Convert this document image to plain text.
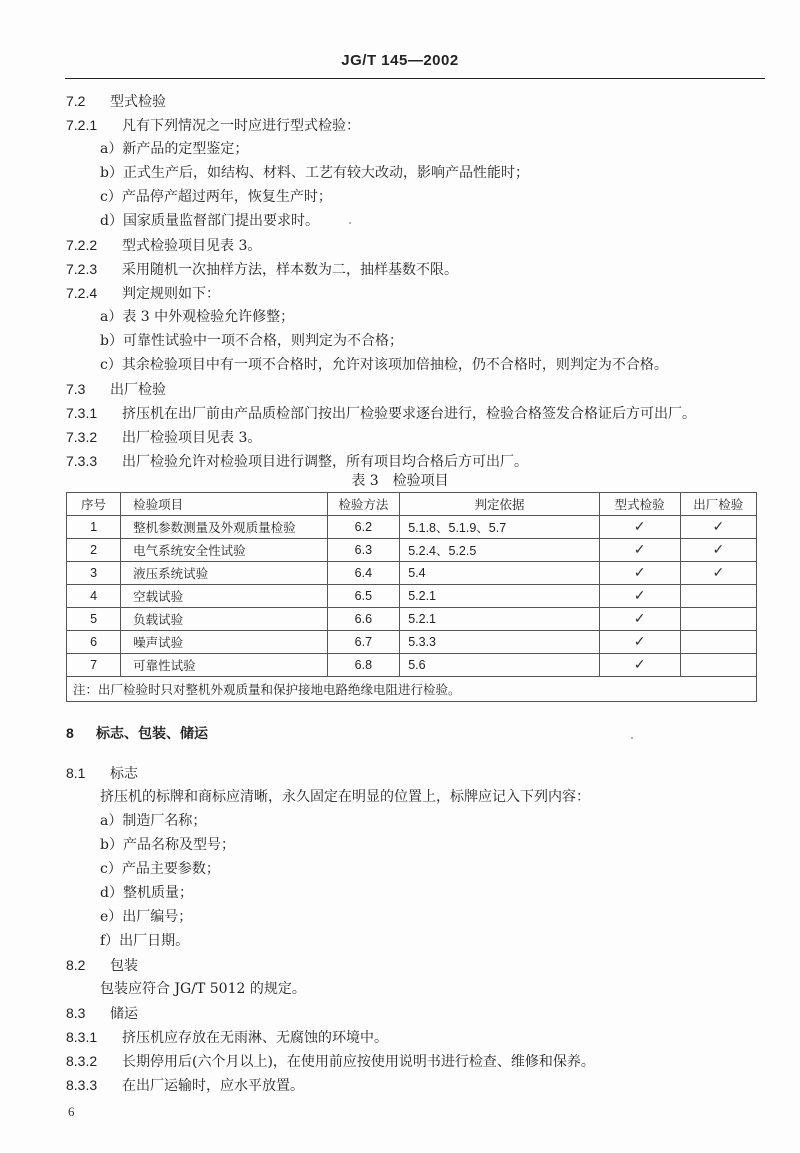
JG/T 145—2002
7.2 型式检验
7.2.1 凡有下列情况之一时应进行型式检验：
a）新产品的定型鉴定；
b）正式生产后，如结构、材料、工艺有较大改动，影响产品性能时；
c）产品停产超过两年，恢复生产时；
d）国家质量监督部门提出要求时。
7.2.2 型式检验项目见表 3。
7.2.3 采用随机一次抽样方法，样本数为二，抽样基数不限。
7.2.4 判定规则如下：
a）表 3 中外观检验允许修整；
b）可靠性试验中一项不合格，则判定为不合格；
c）其余检验项目中有一项不合格时，允许对该项加倍抽检，仍不合格时，则判定为不合格。
7.3 出厂检验
7.3.1 挤压机在出厂前由产品质检部门按出厂检验要求逐台进行，检验合格签发合格证后方可出厂。
7.3.2 出厂检验项目见表 3。
7.3.3 出厂检验允许对检验项目进行调整，所有项目均合格后方可出厂。
表 3　检验项目
序号	检验项目	检验方法	判定依据	型式检验	出厂检验
1	整机参数测量及外观质量检验	6.2	5.1.8、5.1.9、5.7	✓	✓
2	电气系统安全性试验	6.3	5.2.4、5.2.5	✓	✓
3	液压系统试验	6.4	5.4	✓	✓
4	空载试验	6.5	5.2.1	✓	
5	负载试验	6.6	5.2.1	✓	
6	噪声试验	6.7	5.3.3	✓	
7	可靠性试验	6.8	5.6	✓	
注：出厂检验时只对整机外观质量和保护接地电路绝缘电阻进行检验。					
8 标志、包装、储运
8.1 标志
挤压机的标牌和商标应清晰，永久固定在明显的位置上，标牌应记入下列内容：
a）制造厂名称；
b）产品名称及型号；
c）产品主要参数；
d）整机质量；
e）出厂编号；
f）出厂日期。
8.2 包装
包装应符合 JG/T 5012 的规定。
8.3 储运
8.3.1 挤压机应存放在无雨淋、无腐蚀的环境中。
8.3.2 长期停用后(六个月以上)，在使用前应按使用说明书进行检查、维修和保养。
8.3.3 在出厂运输时，应水平放置。
6
